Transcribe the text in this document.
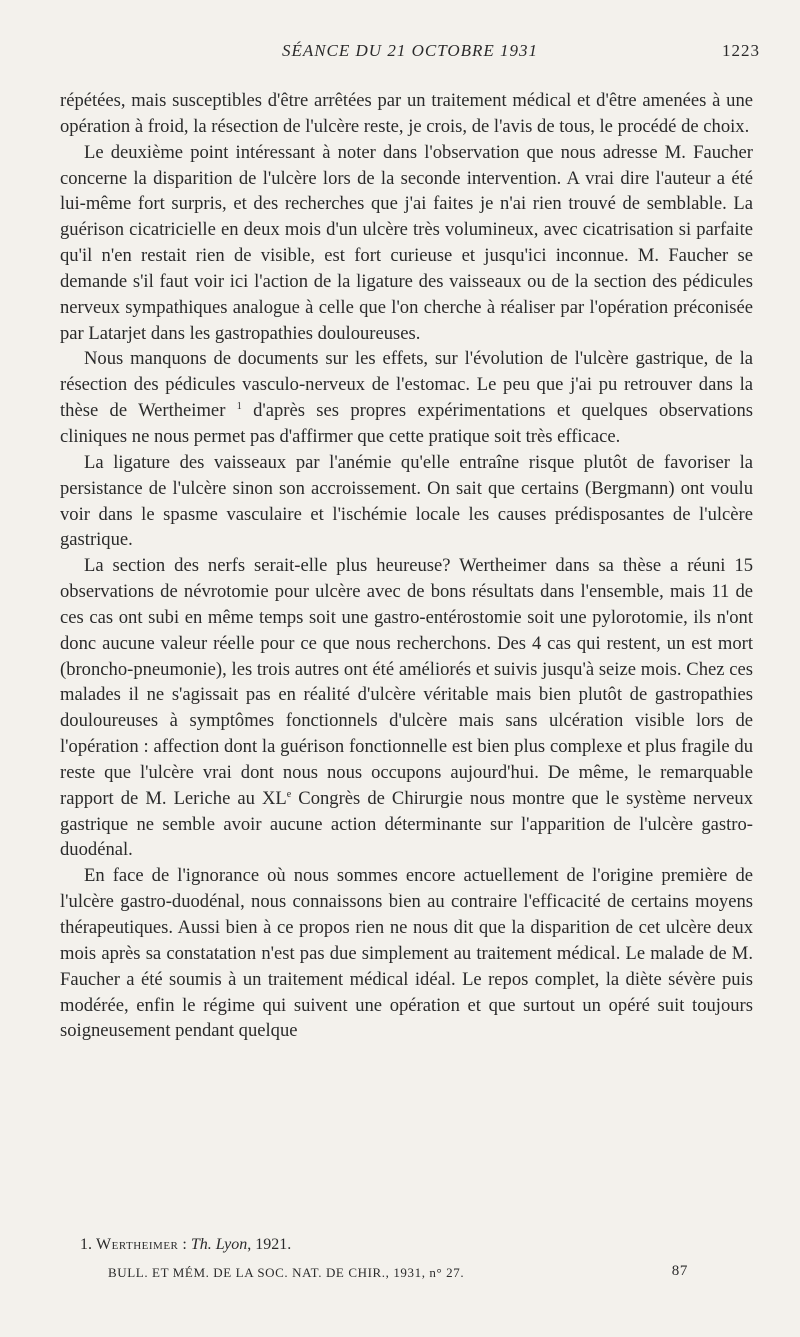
SÉANCE DU 21 OCTOBRE 1931	1223

répétées, mais susceptibles d'être arrêtées par un traitement médical et d'être amenées à une opération à froid, la résection de l'ulcère reste, je crois, de l'avis de tous, le procédé de choix.

Le deuxième point intéressant à noter dans l'observation que nous adresse M. Faucher concerne la disparition de l'ulcère lors de la seconde intervention. A vrai dire l'auteur a été lui-même fort surpris, et des recherches que j'ai faites je n'ai rien trouvé de semblable. La guérison cicatricielle en deux mois d'un ulcère très volumineux, avec cicatrisation si parfaite qu'il n'en restait rien de visible, est fort curieuse et jusqu'ici inconnue. M. Faucher se demande s'il faut voir ici l'action de la ligature des vaisseaux ou de la section des pédicules nerveux sympathiques analogue à celle que l'on cherche à réaliser par l'opération préconisée par Latarjet dans les gastropathies douloureuses.

Nous manquons de documents sur les effets, sur l'évolution de l'ulcère gastrique, de la résection des pédicules vasculo-nerveux de l'estomac. Le peu que j'ai pu retrouver dans la thèse de Wertheimer $^1$ d'après ses propres expérimentations et quelques observations cliniques ne nous permet pas d'affirmer que cette pratique soit très efficace.

La ligature des vaisseaux par l'anémie qu'elle entraîne risque plutôt de favoriser la persistance de l'ulcère sinon son accroissement. On sait que certains (Bergmann) ont voulu voir dans le spasme vasculaire et l'ischémie locale les causes prédisposantes de l'ulcère gastrique.

La section des nerfs serait-elle plus heureuse? Wertheimer dans sa thèse a réuni 15 observations de névrotomie pour ulcère avec de bons résultats dans l'ensemble, mais 11 de ces cas ont subi en même temps soit une gastro-entérostomie soit une pylorotomie, ils n'ont donc aucune valeur réelle pour ce que nous recherchons. Des 4 cas qui restent, un est mort (broncho-pneumonie), les trois autres ont été améliorés et suivis jusqu'à seize mois. Chez ces malades il ne s'agissait pas en réalité d'ulcère véritable mais bien plutôt de gastropathies douloureuses à symptômes fonctionnels d'ulcère mais sans ulcération visible lors de l'opération : affection dont la guérison fonctionnelle est bien plus complexe et plus fragile du reste que l'ulcère vrai dont nous nous occupons aujourd'hui. De même, le remarquable rapport de M. Leriche au XLe Congrès de Chirurgie nous montre que le système nerveux gastrique ne semble avoir aucune action déterminante sur l'apparition de l'ulcère gastro-duodénal.

En face de l'ignorance où nous sommes encore actuellement de l'origine première de l'ulcère gastro-duodénal, nous connaissons bien au contraire l'efficacité de certains moyens thérapeutiques. Aussi bien à ce propos rien ne nous dit que la disparition de cet ulcère deux mois après sa constatation n'est pas due simplement au traitement médical. Le malade de M. Faucher a été soumis à un traitement médical idéal. Le repos complet, la diète sévère puis modérée, enfin le régime qui suivent une opération et que surtout un opéré suit toujours soigneusement pendant quelque

1. Wertheimer : Th. Lyon, 1921.
BULL. ET MÉM. DE LA SOC. NAT. DE CHIR., 1931, n° 27.	87
